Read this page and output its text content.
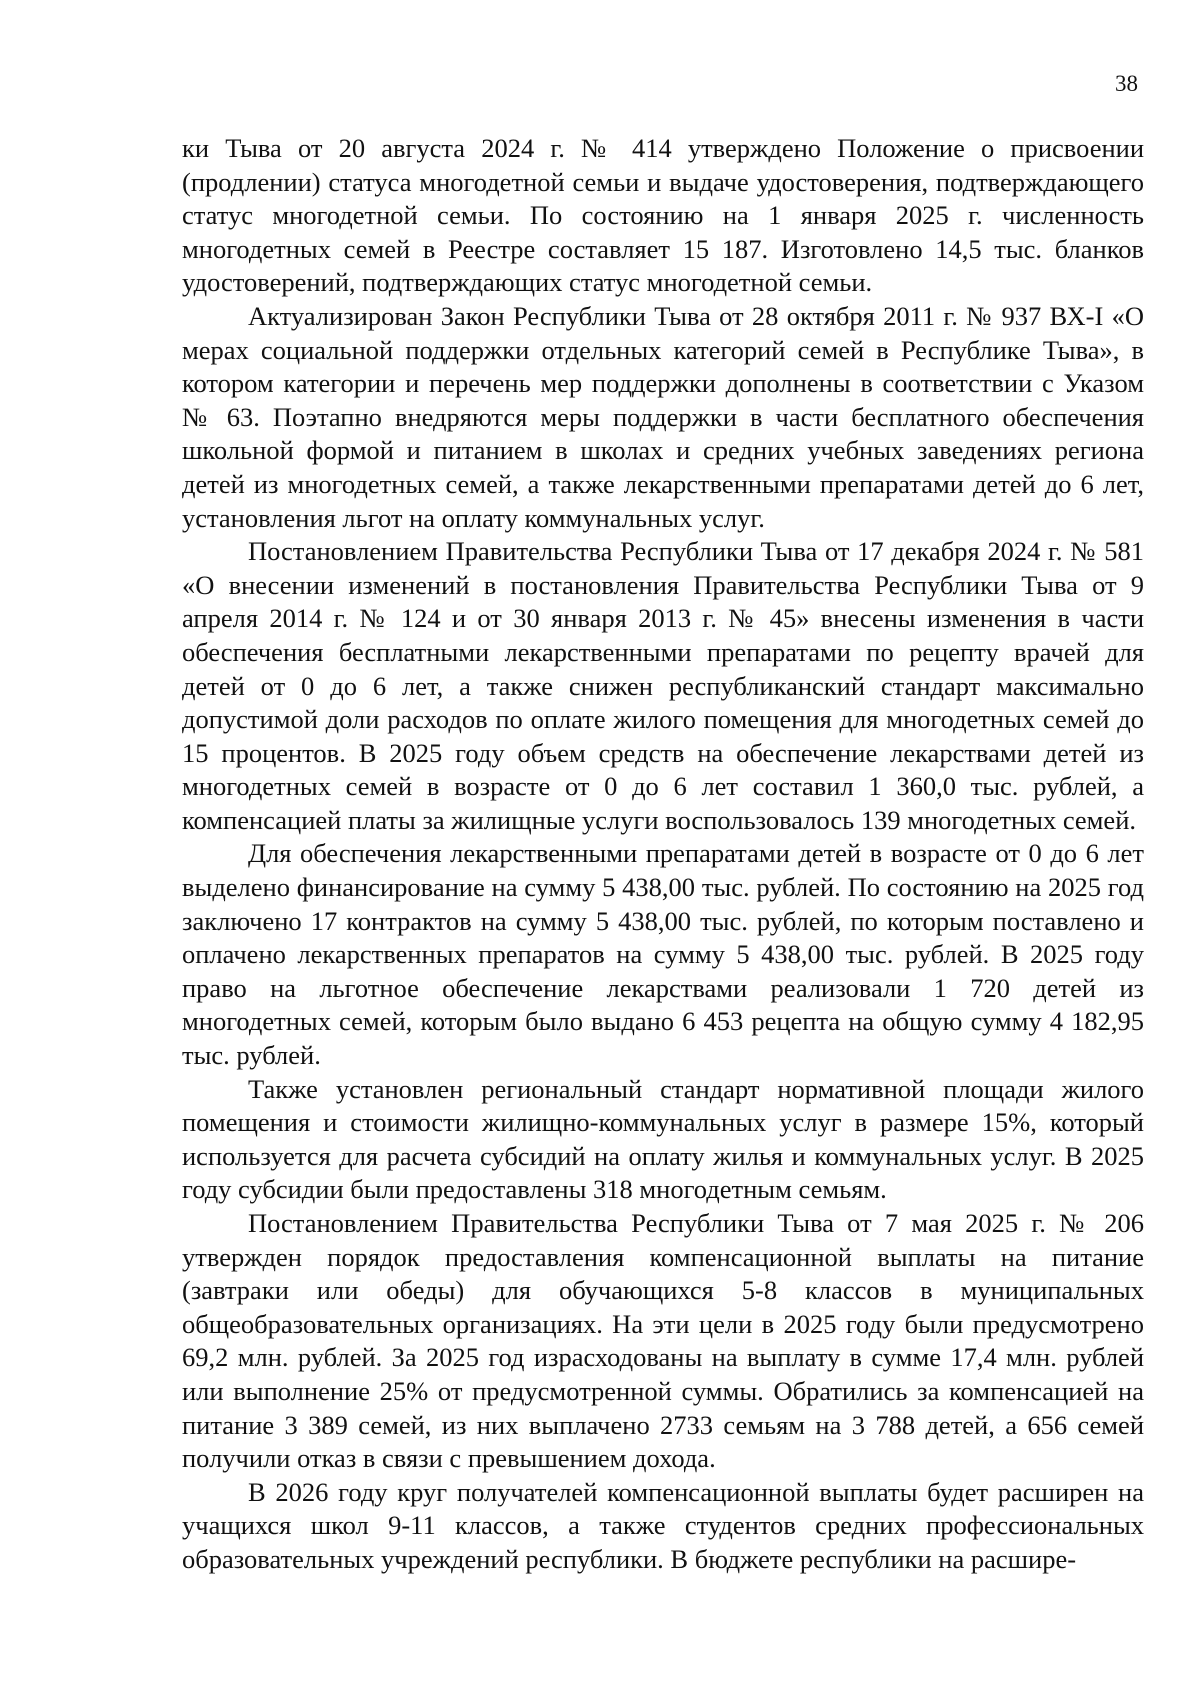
38

ки Тыва от 20 августа 2024 г. № 414 утверждено Положение о присвоении (продлении) статуса многодетной семьи и выдаче удостоверения, подтверждающего статус многодетной семьи. По состоянию на 1 января 2025 г. численность многодетных семей в Реестре составляет 15 187. Изготовлено 14,5 тыс. бланков удостоверений, подтверждающих статус многодетной семьи.

Актуализирован Закон Республики Тыва от 28 октября 2011 г. № 937 ВХ-I «О мерах социальной поддержки отдельных категорий семей в Республике Тыва», в котором категории и перечень мер поддержки дополнены в соответствии с Указом № 63. Поэтапно внедряются меры поддержки в части бесплатного обеспечения школьной формой и питанием в школах и средних учебных заведениях региона детей из многодетных семей, а также лекарственными препаратами детей до 6 лет, установления льгот на оплату коммунальных услуг.

Постановлением Правительства Республики Тыва от 17 декабря 2024 г. № 581 «О внесении изменений в постановления Правительства Республики Тыва от 9 апреля 2014 г. № 124 и от 30 января 2013 г. № 45» внесены изменения в части обеспечения бесплатными лекарственными препаратами по рецепту врачей для детей от 0 до 6 лет, а также снижен республиканский стандарт максимально допустимой доли расходов по оплате жилого помещения для многодетных семей до 15 процентов. В 2025 году объем средств на обеспечение лекарствами детей из многодетных семей в возрасте от 0 до 6 лет составил 1 360,0 тыс. рублей, а компенсацией платы за жилищные услуги воспользовалось 139 многодетных семей.

Для обеспечения лекарственными препаратами детей в возрасте от 0 до 6 лет выделено финансирование на сумму 5 438,00 тыс. рублей. По состоянию на 2025 год заключено 17 контрактов на сумму 5 438,00 тыс. рублей, по которым поставлено и оплачено лекарственных препаратов на сумму 5 438,00 тыс. рублей. В 2025 году право на льготное обеспечение лекарствами реализовали 1 720 детей из многодетных семей, которым было выдано 6 453 рецепта на общую сумму 4 182,95 тыс. рублей.

Также установлен региональный стандарт нормативной площади жилого помещения и стоимости жилищно-коммунальных услуг в размере 15%, который используется для расчета субсидий на оплату жилья и коммунальных услуг. В 2025 году субсидии были предоставлены 318 многодетным семьям.

Постановлением Правительства Республики Тыва от 7 мая 2025 г. № 206 утвержден порядок предоставления компенсационной выплаты на питание (завтраки или обеды) для обучающихся 5-8 классов в муниципальных общеобразовательных организациях. На эти цели в 2025 году были предусмотрено 69,2 млн. рублей. За 2025 год израсходованы на выплату в сумме 17,4 млн. рублей или выполнение 25% от предусмотренной суммы. Обратились за компенсацией на питание 3 389 семей, из них выплачено 2733 семьям на 3 788 детей, а 656 семей получили отказ в связи с превышением дохода.

В 2026 году круг получателей компенсационной выплаты будет расширен на учащихся школ 9-11 классов, а также студентов средних профессиональных образовательных учреждений республики. В бюджете республики на расшире-
